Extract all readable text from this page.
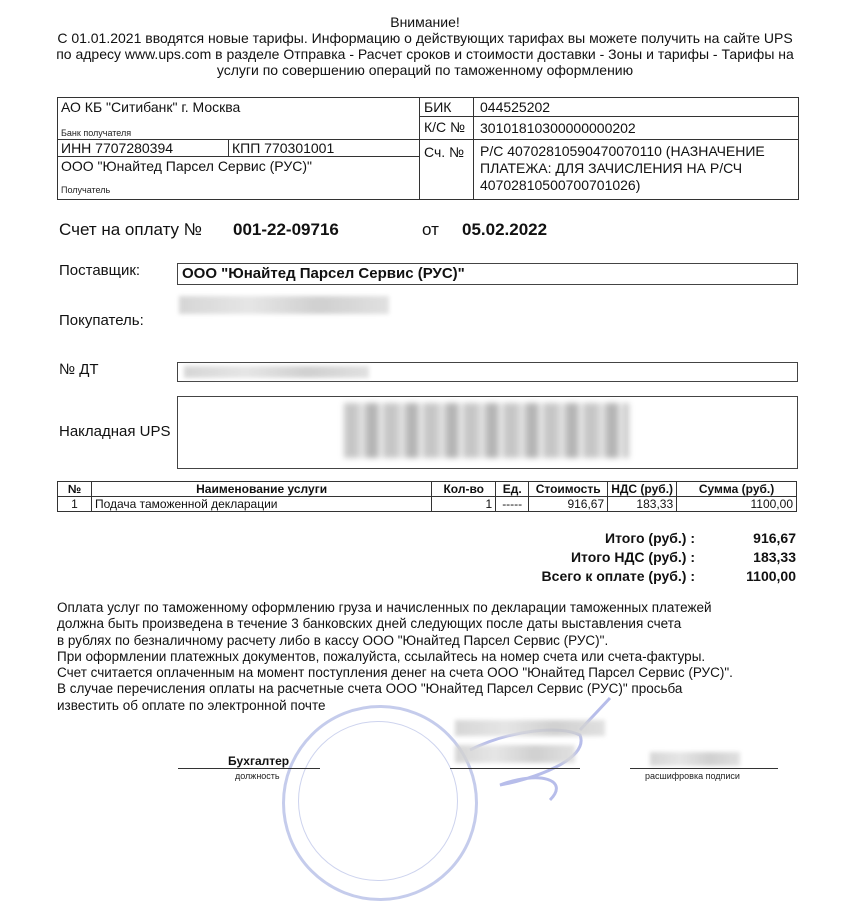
Внимание!
С 01.01.2021 вводятся новые тарифы. Информацию о действующих тарифах вы можете получить на сайте UPS
по адресу www.ups.com в разделе Отправка - Расчет сроков и стоимости доставки - Зоны и тарифы - Тарифы на
услуги по совершению операций по таможенному оформлению
АО КБ "Ситибанк" г. Москва
Банк получателя
ИНН 7707280394	КПП 770301001
ООО "Юнайтед Парсел Сервис (РУС)"
Получатель
БИК 044525202
К/С № 30101810300000000202
Сч. № Р/С 40702810590470070110 (НАЗНАЧЕНИЕ
ПЛАТЕЖА: ДЛЯ ЗАЧИСЛЕНИЯ НА Р/СЧ
40702810500700701026)
Счет на оплату № 001-22-09716	от 05.02.2022
Поставщик:	ООО "Юнайтед Парсел Сервис (РУС)"
Покупатель:
№ ДТ
Накладная UPS
№	Наименование услуги	Кол-во	Ед.	Стоимость	НДС (руб.)	Сумма (руб.)
1	Подача таможенной декларации	1	-----	916,67	183,33	1100,00
Итого (руб.) :	916,67
Итого НДС (руб.) :	183,33
Всего к оплате (руб.) :	1100,00
Оплата услуг по таможенному оформлению груза и начисленных по декларации таможенных платежей
должна быть произведена в течение 3 банковских дней следующих после даты выставления счета
в рублях по безналичному расчету либо в кассу ООО "Юнайтед Парсел Сервис (РУС)".
При оформлении платежных документов, пожалуйста, ссылайтесь на номер счета или счета-фактуры.
Счет считается оплаченным на момент поступления денег на счета ООО "Юнайтед Парсел Сервис (РУС)".
В случае перечисления оплаты на расчетные счета ООО "Юнайтед Парсел Сервис (РУС)" просьба
известить об оплате по электронной почте
Бухгалтер
должность	расшифровка подписи
